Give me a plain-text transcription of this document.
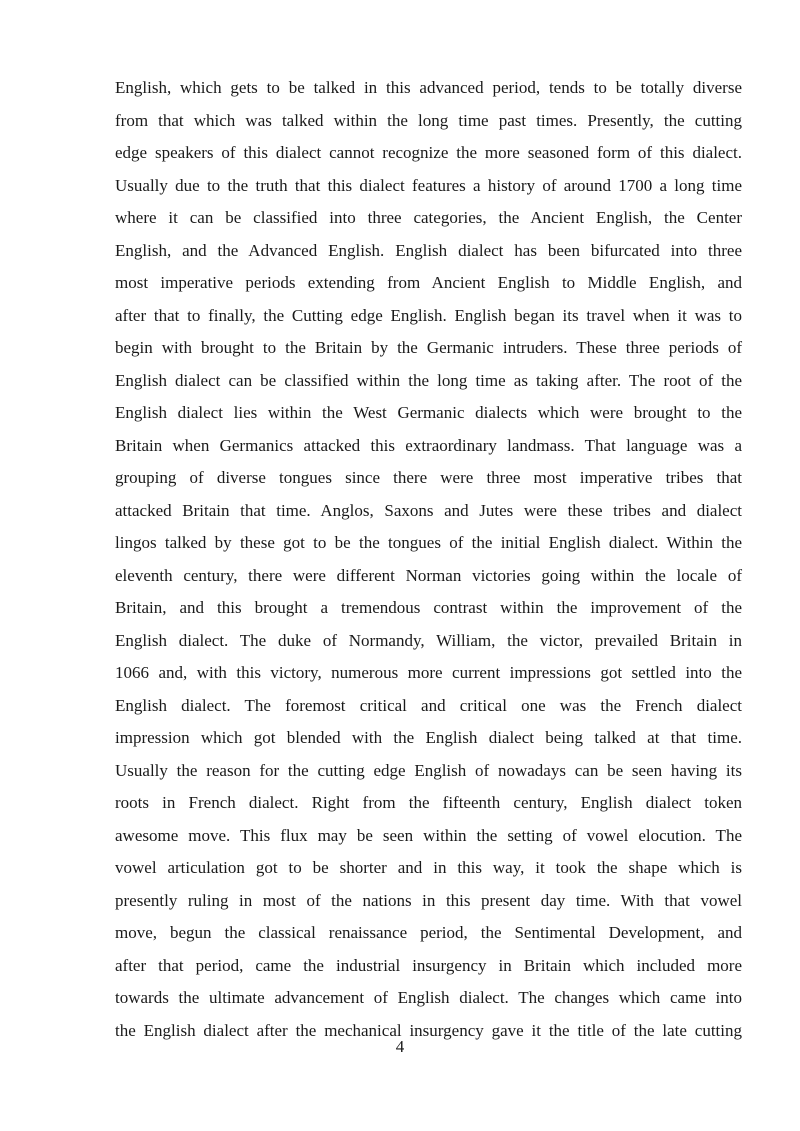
English, which gets to be talked in this advanced period, tends to be totally diverse
from that which was talked within the long time past times. Presently, the cutting
edge speakers of this dialect cannot recognize the more seasoned form of this dialect.
Usually due to the truth that this dialect features a history of around 1700 a long time
where it can be classified into three categories, the Ancient English, the Center
English, and the Advanced English. English dialect has been bifurcated into three
most imperative periods extending from Ancient English to Middle English, and
after that to finally, the Cutting edge English. English began its travel when it was to
begin with brought to the Britain by the Germanic intruders. These three periods of
English dialect can be classified within the long time as taking after. The root of the
English dialect lies within the West Germanic dialects which were brought to the
Britain when Germanics attacked this extraordinary landmass. That language was a
grouping of diverse tongues since there were three most imperative tribes that
attacked Britain that time. Anglos, Saxons and Jutes were these tribes and dialect
lingos talked by these got to be the tongues of the initial English dialect. Within the
eleventh century, there were different Norman victories going within the locale of
Britain, and this brought a tremendous contrast within the improvement of the
English dialect. The duke of Normandy, William, the victor, prevailed Britain in
1066 and, with this victory, numerous more current impressions got settled into the
English dialect. The foremost critical and critical one was the French dialect
impression which got blended with the English dialect being talked at that time.
Usually the reason for the cutting edge English of nowadays can be seen having its
roots in French dialect. Right from the fifteenth century, English dialect token
awesome move. This flux may be seen within the setting of vowel elocution. The
vowel articulation got to be shorter and in this way, it took the shape which is
presently ruling in most of the nations in this present day time. With that vowel
move, begun the classical renaissance period, the Sentimental Development, and
after that period, came the industrial insurgency in Britain which included more
towards the ultimate advancement of English dialect. The changes which came into
the English dialect after the mechanical insurgency gave it the title of the late cutting
4
